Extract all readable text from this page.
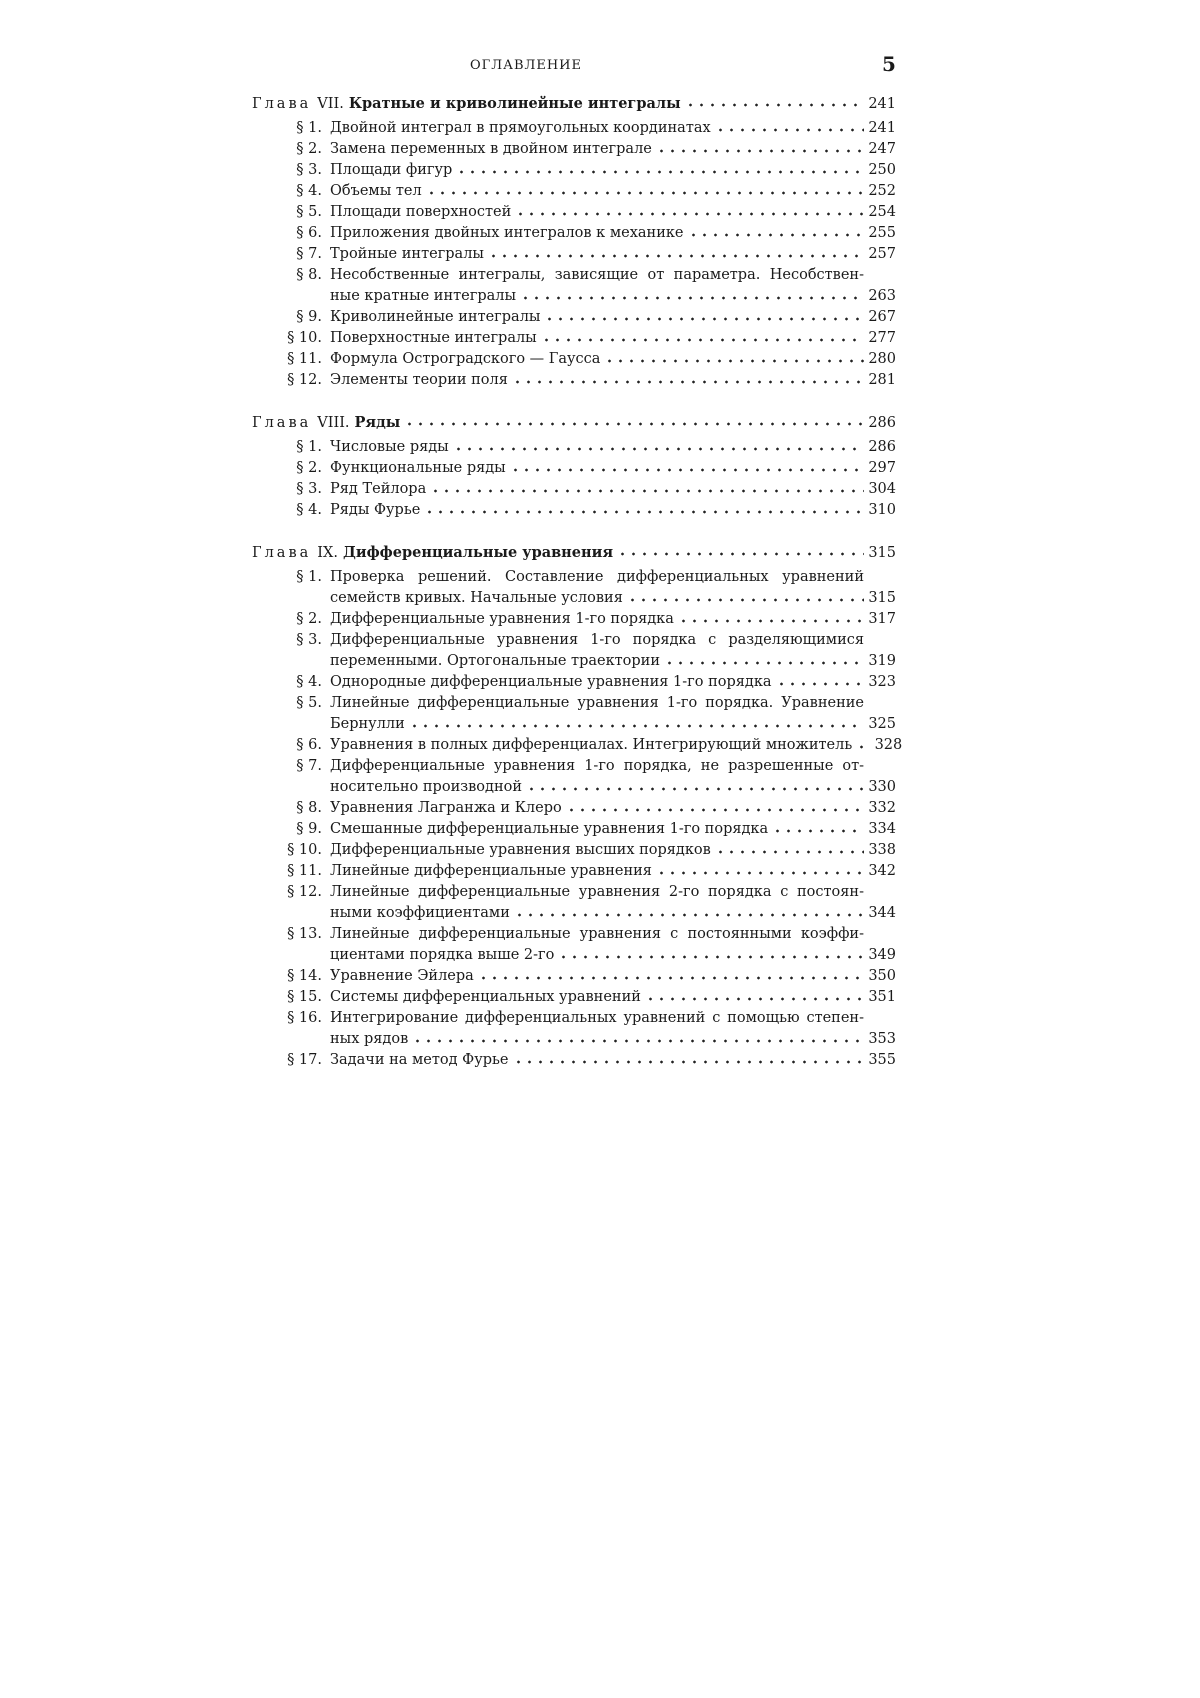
ОГЛАВЛЕНИЕ	5
Глава VII. Кратные и криволинейные интегралы	241
§ 1. Двойной интеграл в прямоугольных координатах	241
§ 2. Замена переменных в двойном интеграле	247
§ 3. Площади фигур	250
§ 4. Объемы тел	252
§ 5. Площади поверхностей	254
§ 6. Приложения двойных интегралов к механике	255
§ 7. Тройные интегралы	257
§ 8. Несобственные интегралы, зависящие от параметра. Несобствен-
ные кратные интегралы	263
§ 9. Криволинейные интегралы	267
§ 10. Поверхностные интегралы	277
§ 11. Формула Остроградского — Гаусса	280
§ 12. Элементы теории поля	281
Глава VIII. Ряды	286
§ 1. Числовые ряды	286
§ 2. Функциональные ряды	297
§ 3. Ряд Тейлора	304
§ 4. Ряды Фурье	310
Глава IX. Дифференциальные уравнения	315
§ 1. Проверка решений. Составление дифференциальных уравнений
семейств кривых. Начальные условия	315
§ 2. Дифференциальные уравнения 1-го порядка	317
§ 3. Дифференциальные уравнения 1-го порядка с разделяющимися
переменными. Ортогональные траектории	319
§ 4. Однородные дифференциальные уравнения 1-го порядка	323
§ 5. Линейные дифференциальные уравнения 1-го порядка. Уравнение
Бернулли	325
§ 6. Уравнения в полных дифференциалах. Интегрирующий множитель 328
§ 7. Дифференциальные уравнения 1-го порядка, не разрешенные от-
носительно производной	330
§ 8. Уравнения Лагранжа и Клеро	332
§ 9. Смешанные дифференциальные уравнения 1-го порядка	334
§ 10. Дифференциальные уравнения высших порядков	338
§ 11. Линейные дифференциальные уравнения	342
§ 12. Линейные дифференциальные уравнения 2-го порядка с постоян-
ными коэффициентами	344
§ 13. Линейные дифференциальные уравнения с постоянными коэффи-
циентами порядка выше 2-го	349
§ 14. Уравнение Эйлера	350
§ 15. Системы дифференциальных уравнений	351
§ 16. Интегрирование дифференциальных уравнений с помощью степен-
ных рядов	353
§ 17. Задачи на метод Фурье	355
